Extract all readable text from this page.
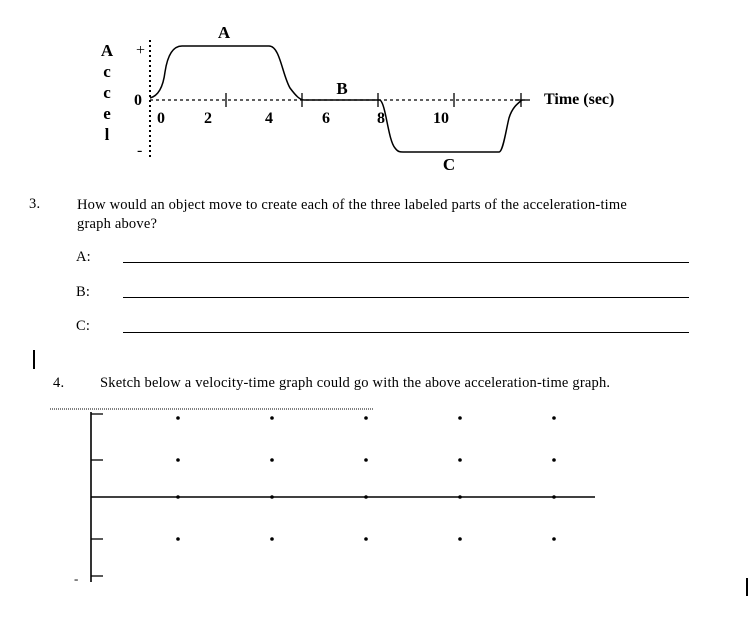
A
c
c
e
l
+
0
-
0 2	4	6	8	10
Time (sec)
A
B
C
3.	How would an object move to create each of the three labeled parts of the acceleration-time
graph above?
A:
B:
C:
4. Sketch below a velocity-time graph could go with the above acceleration-time graph.
-
